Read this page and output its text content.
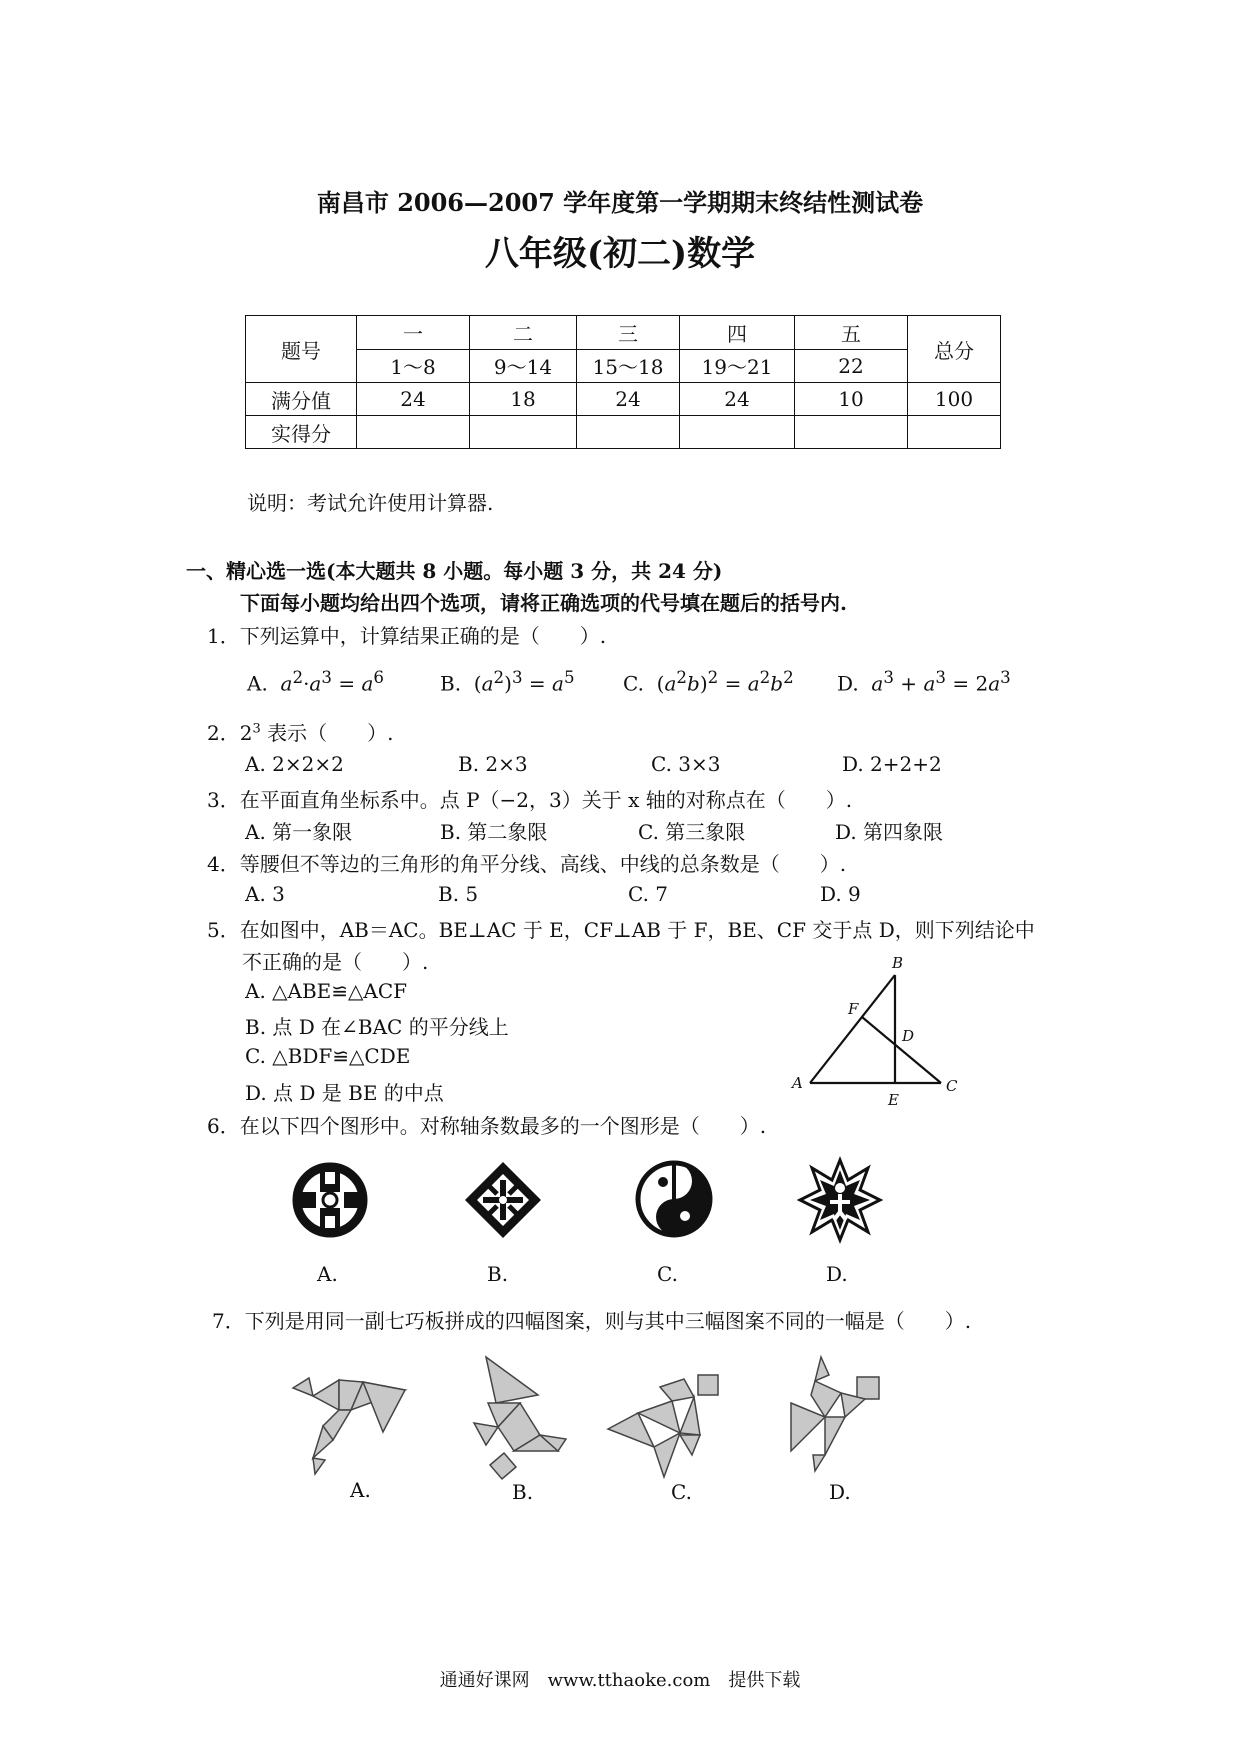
南昌市 2006—2007 学年度第一学期期末终结性测试卷
八年级(初二)数学
题号	一	二	三	四	五	总分
	1～8	9～14	15～18	19～21	22	
满分值	24	18	24	24	10	100
实得分						
说明：考试允许使用计算器.
一、精心选一选(本大题共 8 小题。每小题 3 分，共 24 分)
下面每小题均给出四个选项，请将正确选项的代号填在题后的括号内.
1．下列运算中，计算结果正确的是（　　）.
A.  $a^2\cdot a^3 = a^6$	B.  $(a^2)^3 = a^5$ C.  $(a^2b)^2 = a^2b^2$ D.  $a^3 + a^3 = 2a^3$
2．$2^3$ 表示（　　）.
A. 2×2×2	B. 2×3	C. 3×3	D. 2+2+2
3．在平面直角坐标系中。点 P（−2，3）关于 x 轴的对称点在（　　）.
A. 第一象限	B. 第二象限	C. 第三象限	D. 第四象限
4．等腰但不等边的三角形的角平分线、高线、中线的总条数是（　　）.
A. 3	B. 5	C. 7	D. 9
5．在如图中，AB＝AC。BE⊥AC 于 E，CF⊥AB 于 F，BE、CF 交于点 D，则下列结论中
不正确的是（　　）.
A. △ABE≌△ACF
B. 点 D 在∠BAC 的平分线上
C. △BDF≌△CDE
D. 点 D 是 BE 的中点	A
B
C
D
E
F
6．在以下四个图形中。对称轴条数最多的一个图形是（　　）.
A.	B.	C.	D.
7．下列是用同一副七巧板拼成的四幅图案，则与其中三幅图案不同的一幅是（　　）.
A.	B.	C.	D.
通通好课网　www.tthaoke.com　提供下载
